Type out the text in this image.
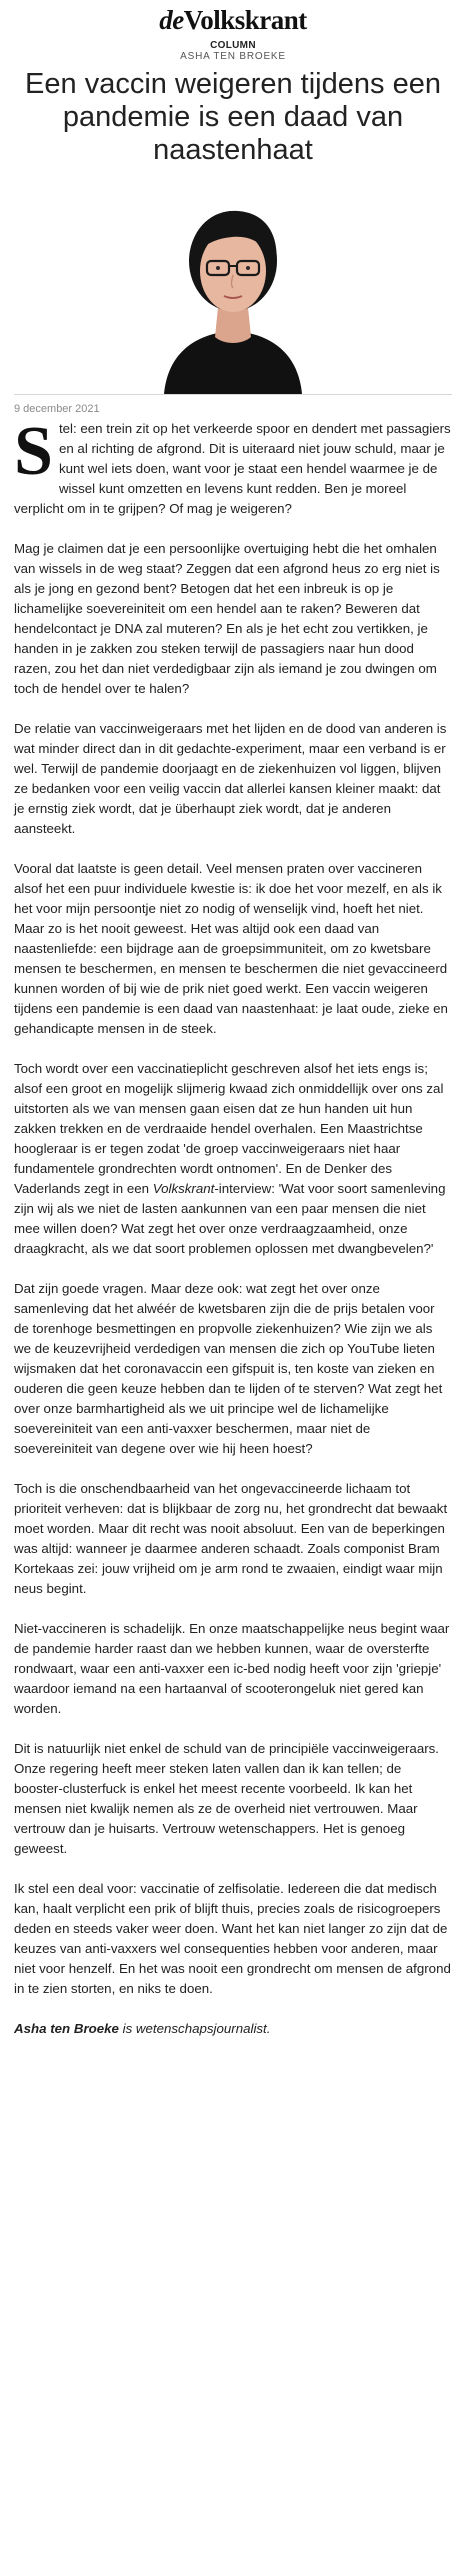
deVolkskrant
COLUMN
ASHA TEN BROEKE
Een vaccin weigeren tijdens een pandemie is een daad van naastenhaat
9 december 2021

Stel: een trein zit op het verkeerde spoor en dendert met passagiers en al richting de afgrond. Dit is uiteraard niet jouw schuld, maar je kunt wel iets doen, want voor je staat een hendel waarmee je de wissel kunt omzetten en levens kunt redden. Ben je moreel verplicht om in te grijpen? Of mag je weigeren?

Mag je claimen dat je een persoonlijke overtuiging hebt die het omhalen van wissels in de weg staat? Zeggen dat een afgrond heus zo erg niet is als je jong en gezond bent? Betogen dat het een inbreuk is op je lichamelijke soevereiniteit om een hendel aan te raken? Beweren dat hendelcontact je DNA zal muteren? En als je het echt zou vertikken, je handen in je zakken zou steken terwijl de passagiers naar hun dood razen, zou het dan niet verdedigbaar zijn als iemand je zou dwingen om toch de hendel over te halen?

De relatie van vaccinweigeraars met het lijden en de dood van anderen is wat minder direct dan in dit gedachte-experiment, maar een verband is er wel. Terwijl de pandemie doorjaagt en de ziekenhuizen vol liggen, blijven ze bedanken voor een veilig vaccin dat allerlei kansen kleiner maakt: dat je ernstig ziek wordt, dat je überhaupt ziek wordt, dat je anderen aansteekt.

Vooral dat laatste is geen detail. Veel mensen praten over vaccineren alsof het een puur individuele kwestie is: ik doe het voor mezelf, en als ik het voor mijn persoontje niet zo nodig of wenselijk vind, hoeft het niet. Maar zo is het nooit geweest. Het was altijd ook een daad van naastenliefde: een bijdrage aan de groepsimmuniteit, om zo kwetsbare mensen te beschermen, en mensen te beschermen die niet gevaccineerd kunnen worden of bij wie de prik niet goed werkt. Een vaccin weigeren tijdens een pandemie is een daad van naastenhaat: je laat oude, zieke en gehandicapte mensen in de steek.

Toch wordt over een vaccinatieplicht geschreven alsof het iets engs is; alsof een groot en mogelijk slijmerig kwaad zich onmiddellijk over ons zal uitstorten als we van mensen gaan eisen dat ze hun handen uit hun zakken trekken en de verdraaide hendel overhalen. Een Maastrichtse hoogleraar is er tegen zodat 'de groep vaccinweigeraars niet haar fundamentele grondrechten wordt ontnomen'. En de Denker des Vaderlands zegt in een Volkskrant-interview: 'Wat voor soort samenleving zijn wij als we niet de lasten aankunnen van een paar mensen die niet mee willen doen? Wat zegt het over onze verdraagzaamheid, onze draagkracht, als we dat soort problemen oplossen met dwangbevelen?'

Dat zijn goede vragen. Maar deze ook: wat zegt het over onze samenleving dat het alwéér de kwetsbaren zijn die de prijs betalen voor de torenhoge besmettingen en propvolle ziekenhuizen? Wie zijn we als we de keuzevrijheid verdedigen van mensen die zich op YouTube lieten wijsmaken dat het coronavaccin een gifspuit is, ten koste van zieken en ouderen die geen keuze hebben dan te lijden of te sterven? Wat zegt het over onze barmhartigheid als we uit principe wel de lichamelijke soevereiniteit van een anti-vaxxer beschermen, maar niet de soevereiniteit van degene over wie hij heen hoest?

Toch is die onschendbaarheid van het ongevaccineerde lichaam tot prioriteit verheven: dat is blijkbaar de zorg nu, het grondrecht dat bewaakt moet worden. Maar dit recht was nooit absoluut. Een van de beperkingen was altijd: wanneer je daarmee anderen schaadt. Zoals componist Bram Kortekaas zei: jouw vrijheid om je arm rond te zwaaien, eindigt waar mijn neus begint.

Niet-vaccineren is schadelijk. En onze maatschappelijke neus begint waar de pandemie harder raast dan we hebben kunnen, waar de oversterfte rondwaart, waar een anti-vaxxer een ic-bed nodig heeft voor zijn 'griepje' waardoor iemand na een hartaanval of scooterongeluk niet gered kan worden.

Dit is natuurlijk niet enkel de schuld van de principiële vaccinweigeraars. Onze regering heeft meer steken laten vallen dan ik kan tellen; de booster-clusterfuck is enkel het meest recente voorbeeld. Ik kan het mensen niet kwalijk nemen als ze de overheid niet vertrouwen. Maar vertrouw dan je huisarts. Vertrouw wetenschappers. Het is genoeg geweest.

Ik stel een deal voor: vaccinatie of zelfisolatie. Iedereen die dat medisch kan, haalt verplicht een prik of blijft thuis, precies zoals de risicogroepers deden en steeds vaker weer doen. Want het kan niet langer zo zijn dat de keuzes van anti-vaxxers wel consequenties hebben voor anderen, maar niet voor henzelf. En het was nooit een grondrecht om mensen de afgrond in te zien storten, en niks te doen.

Asha ten Broeke is wetenschapsjournalist.
